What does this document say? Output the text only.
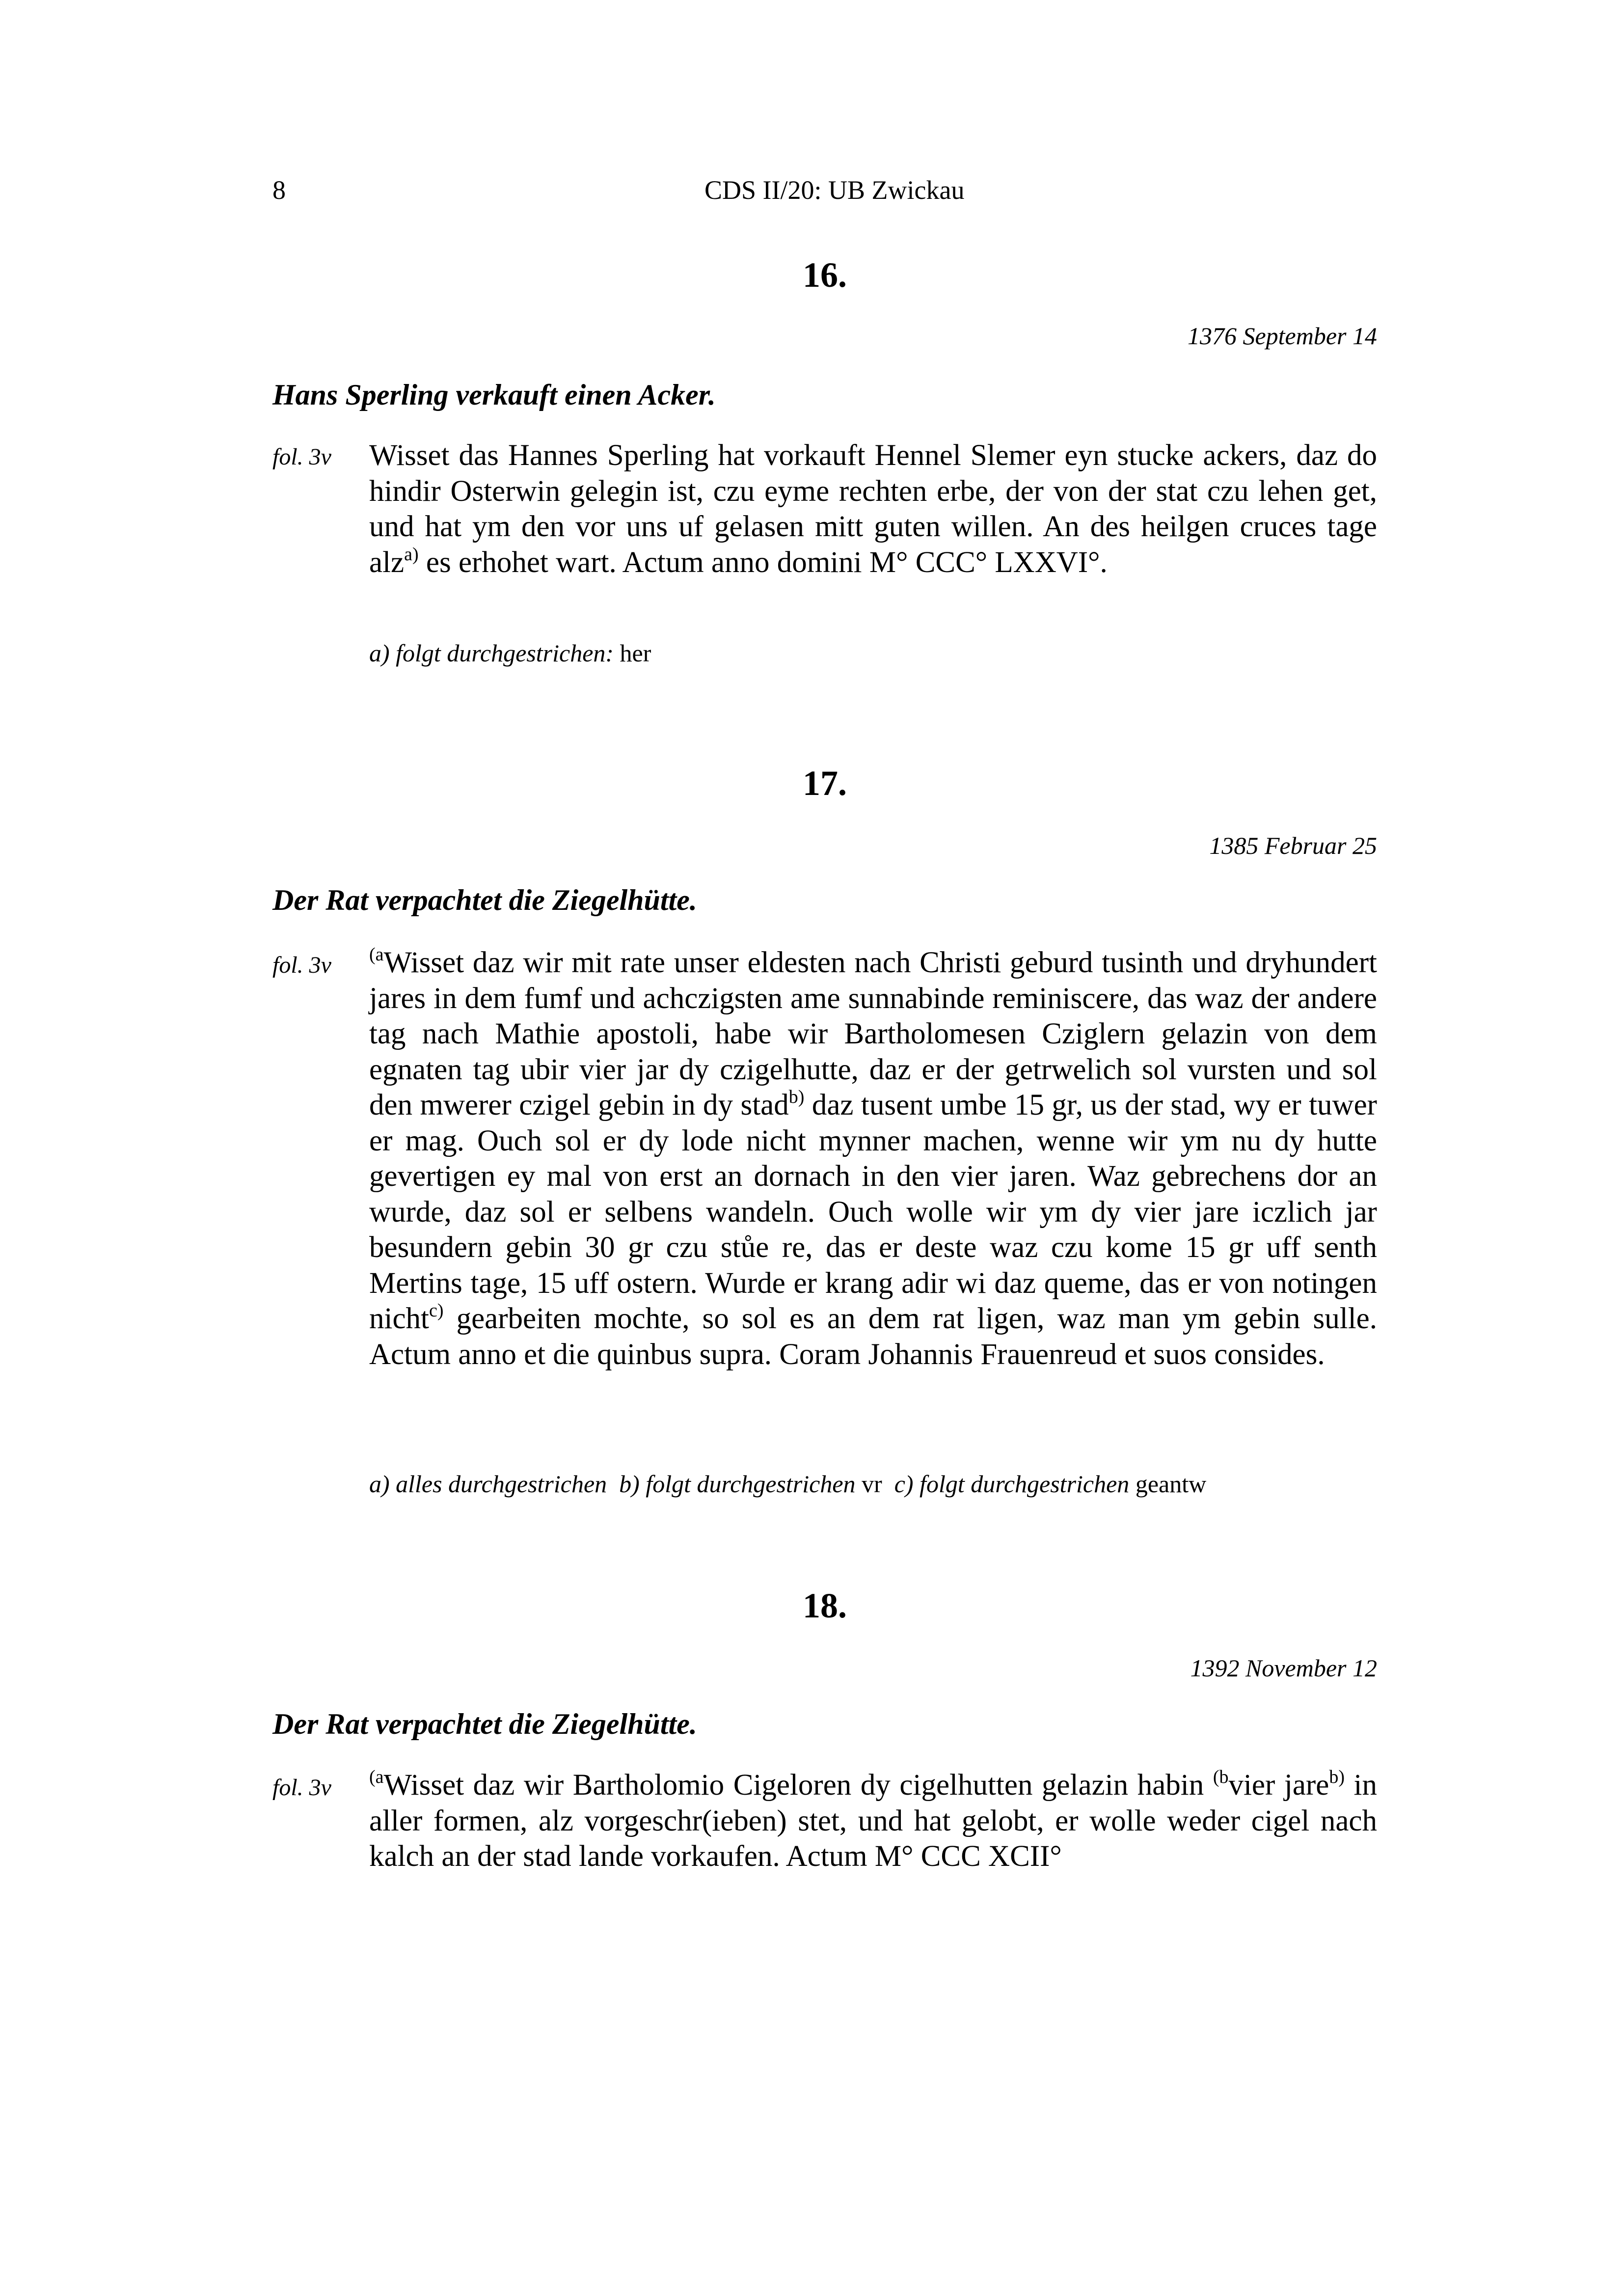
8	CDS II/20: UB Zwickau
16.
1376 September 14
Hans Sperling verkauft einen Acker.
fol. 3v Wisset das Hannes Sperling hat vorkauft Hennel Slemer eyn stucke ackers, daz do hindir Osterwin gelegin ist, czu eyme rechten erbe, der von der stat czu lehen get, und hat ym den vor uns uf gelasen mitt guten willen. An des heilgen cruces tage alz$^{a)}$ es erhohet wart. Actum anno domini M° CCC° LXXVI°.

a) folgt durchgestrichen: her
17.
1385 Februar 25
Der Rat verpachtet die Ziegelhütte.
fol. 3v $^{(a}$Wisset daz wir mit rate unser eldesten nach Christi geburd tusinth und dryhundert jares in dem fumf und achczigsten ame sunnabinde reminiscere, das waz der andere tag nach Mathie apostoli, habe wir Bartholomesen Cziglern gelazin von dem egnaten tag ubir vier jar dy czigelhutte, daz er der getrwelich sol vursten und sol den mwerer czigel gebin in dy stad$^{b)}$ daz tusent umbe 15 gr, us der stad, wy er tuwer er mag. Ouch sol er dy lode nicht mynner machen, wenne wir ym nu dy hutte gevertigen ey mal von erst an dornach in den vier jaren. Waz gebrechens dor an wurde, daz sol er selbens wandeln. Ouch wolle wir ym dy vier jare iczlich jar besundern gebin 30 gr czu stůe re, das er deste waz czu kome 15 gr uff senth Mertins tage, 15 uff ostern. Wurde er krang adir wi daz queme, das er von notingen nicht$^{c)}$ gearbeiten mochte, so sol es an dem rat ligen, waz man ym gebin sulle. Actum anno et die quinbus supra. Coram Johannis Frauenreud et suos consides.

a) alles durchgestrichen b) folgt durchgestrichen vr c) folgt durchgestrichen geantw
18.
1392 November 12
Der Rat verpachtet die Ziegelhütte.
fol. 3v $^{(a}$Wisset daz wir Bartholomio Cigeloren dy cigelhutten gelazin habin $^{(b}$vier jare$^{b)}$ in aller formen, alz vorgeschr(ieben) stet, und hat gelobt, er wolle weder cigel nach kalch an der stad lande vorkaufen. Actum M° CCC XCII°
